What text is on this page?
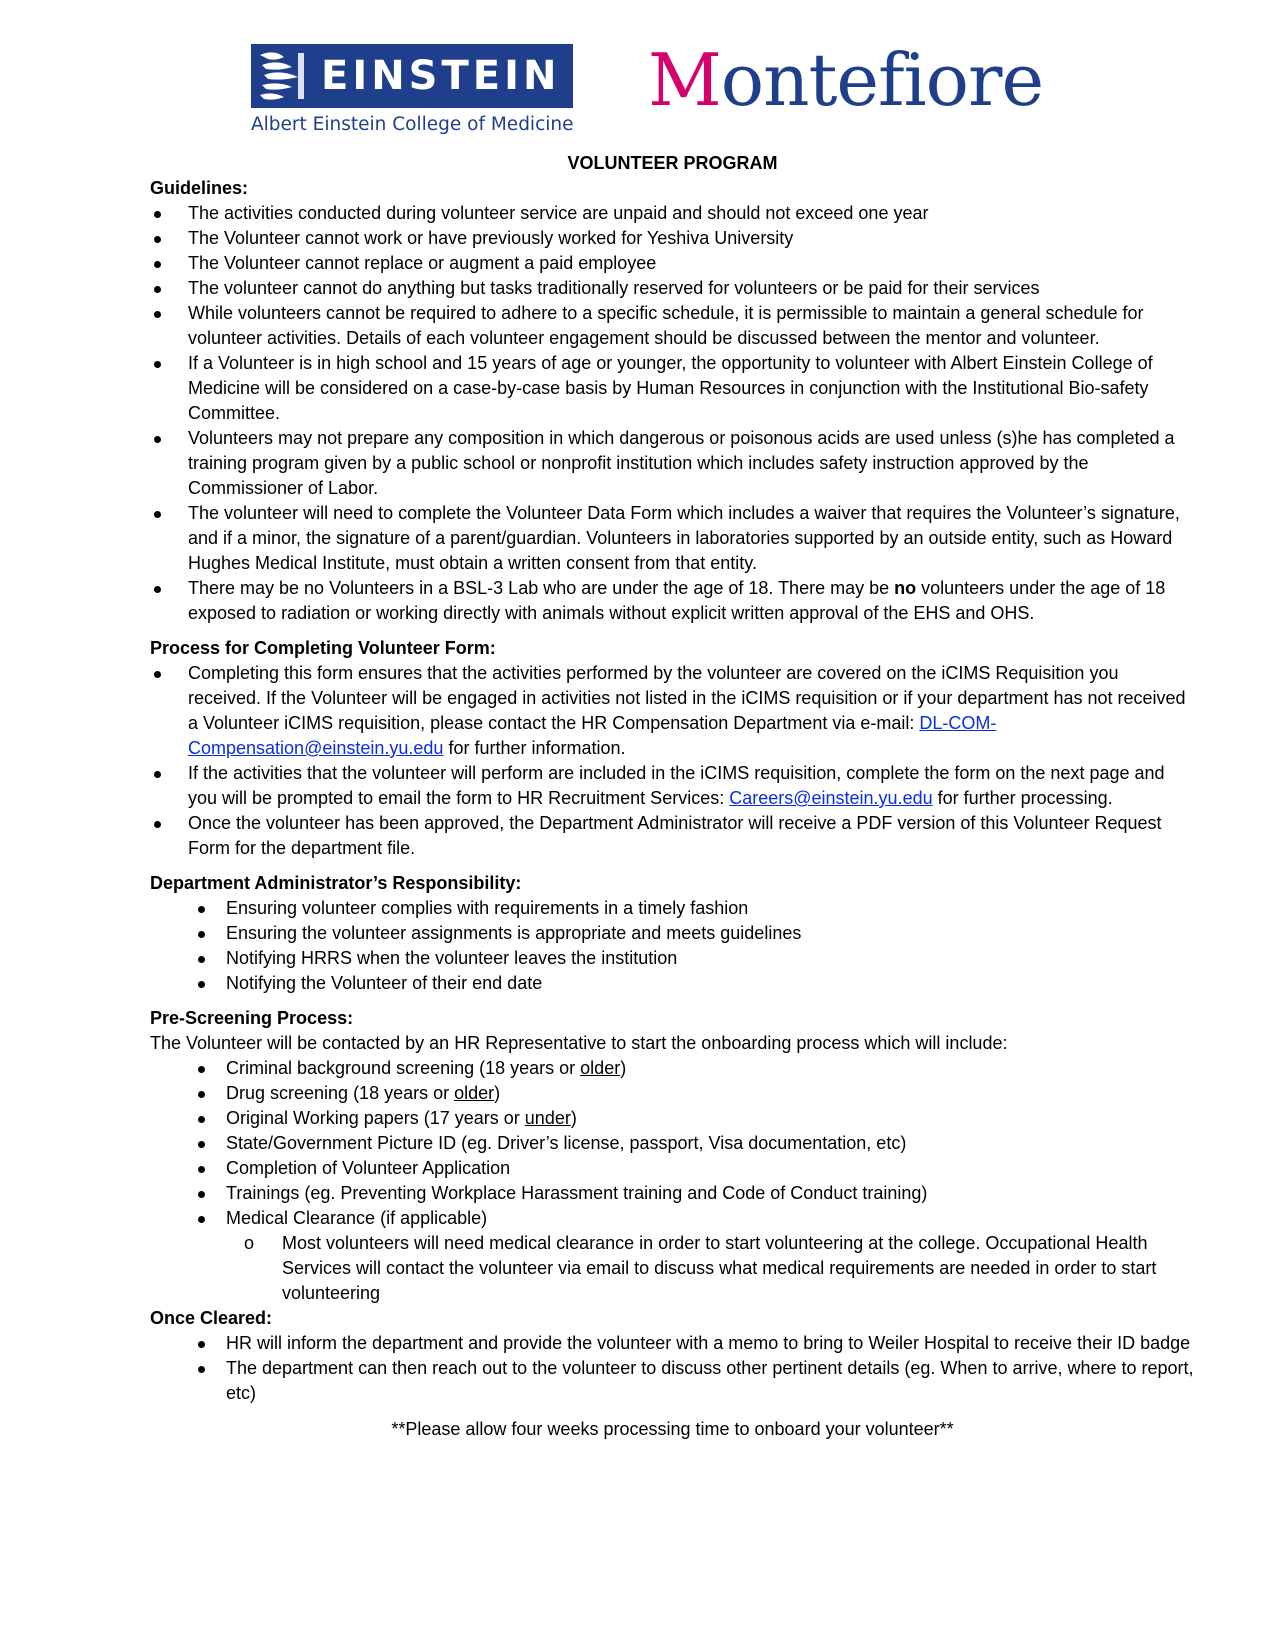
EINSTEIN
Albert Einstein College of Medicine
Montefiore

VOLUNTEER PROGRAM

Guidelines:

The activities conducted during volunteer service are unpaid and should not exceed one year
The Volunteer cannot work or have previously worked for Yeshiva University
The Volunteer cannot replace or augment a paid employee
The volunteer cannot do anything but tasks traditionally reserved for volunteers or be paid for their services
While volunteers cannot be required to adhere to a specific schedule, it is permissible to maintain a general schedule for volunteer activities. Details of each volunteer engagement should be discussed between the mentor and volunteer.
If a Volunteer is in high school and 15 years of age or younger, the opportunity to volunteer with Albert Einstein College of Medicine will be considered on a case-by-case basis by Human Resources in conjunction with the Institutional Bio-safety Committee.
Volunteers may not prepare any composition in which dangerous or poisonous acids are used unless (s)he has completed a training program given by a public school or nonprofit institution which includes safety instruction approved by the Commissioner of Labor.
The volunteer will need to complete the Volunteer Data Form which includes a waiver that requires the Volunteer’s signature, and if a minor, the signature of a parent/guardian. Volunteers in laboratories supported by an outside entity, such as Howard Hughes Medical Institute, must obtain a written consent from that entity.
There may be no Volunteers in a BSL-3 Lab who are under the age of 18. There may be no volunteers under the age of 18 exposed to radiation or working directly with animals without explicit written approval of the EHS and OHS.

Process for Completing Volunteer Form:

Completing this form ensures that the activities performed by the volunteer are covered on the iCIMS Requisition you received. If the Volunteer will be engaged in activities not listed in the iCIMS requisition or if your department has not received a Volunteer iCIMS requisition, please contact the HR Compensation Department via e-mail: DL-COM-Compensation@einstein.yu.edu for further information.
If the activities that the volunteer will perform are included in the iCIMS requisition, complete the form on the next page and you will be prompted to email the form to HR Recruitment Services: Careers@einstein.yu.edu for further processing.
Once the volunteer has been approved, the Department Administrator will receive a PDF version of this Volunteer Request Form for the department file.

Department Administrator’s Responsibility:

Ensuring volunteer complies with requirements in a timely fashion
Ensuring the volunteer assignments is appropriate and meets guidelines
Notifying HRRS when the volunteer leaves the institution
Notifying the Volunteer of their end date

Pre-Screening Process:

The Volunteer will be contacted by an HR Representative to start the onboarding process which will include:

Criminal background screening (18 years or older)
Drug screening (18 years or older)
Original Working papers (17 years or under)
State/Government Picture ID (eg. Driver’s license, passport, Visa documentation, etc)
Completion of Volunteer Application
Trainings (eg. Preventing Workplace Harassment training and Code of Conduct training)
Medical Clearance (if applicable)
o Most volunteers will need medical clearance in order to start volunteering at the college. Occupational Health Services will contact the volunteer via email to discuss what medical requirements are needed in order to start volunteering

Once Cleared:

HR will inform the department and provide the volunteer with a memo to bring to Weiler Hospital to receive their ID badge
The department can then reach out to the volunteer to discuss other pertinent details (eg. When to arrive, where to report, etc)

**Please allow four weeks processing time to onboard your volunteer**
